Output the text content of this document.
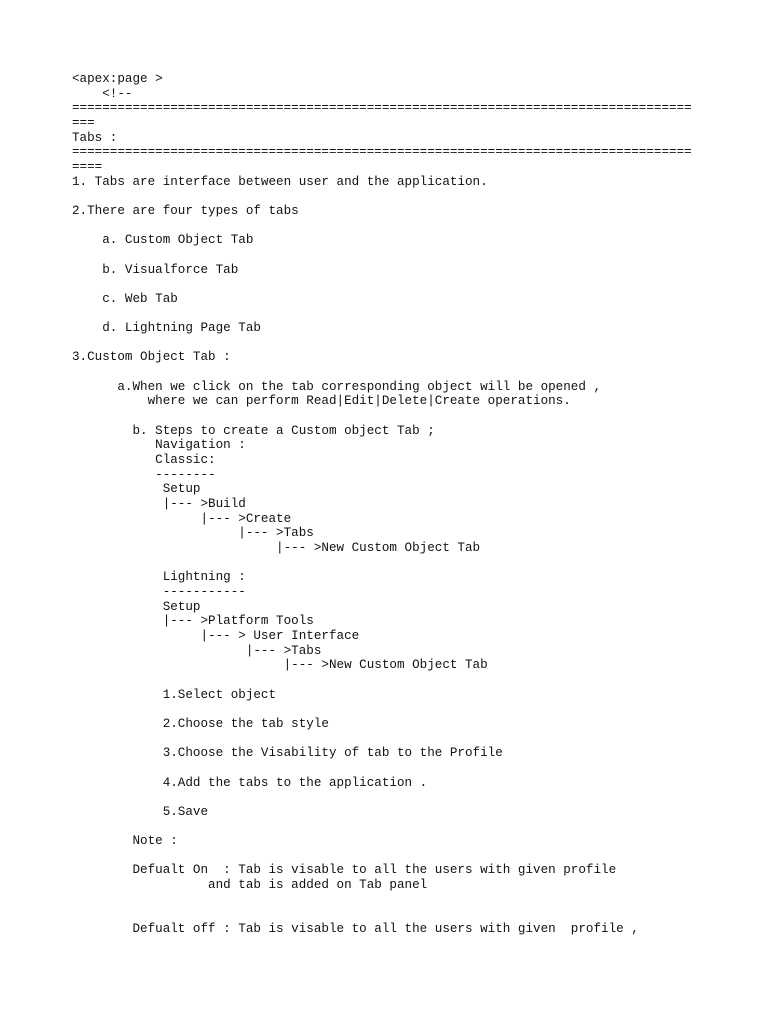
<apex:page >
<!--
==================================================================================
===
Tabs :
==================================================================================
====
1. Tabs are interface between user and the application.

2.There are four types of tabs

a. Custom Object Tab

b. Visualforce Tab

c. Web Tab

d. Lightning Page Tab

3.Custom Object Tab :

a.When we click on the tab corresponding object will be opened ,
where we can perform Read|Edit|Delete|Create operations.

b. Steps to create a Custom object Tab ;
Navigation :
Classic:
--------
Setup
|--- >Build
|--- >Create
|--- >Tabs
|--- >New Custom Object Tab

Lightning :
-----------
Setup
|--- >Platform Tools
|--- > User Interface
|--- >Tabs
|--- >New Custom Object Tab

1.Select object

2.Choose the tab style

3.Choose the Visability of tab to the Profile

4.Add the tabs to the application .

5.Save

Note :

Defualt On  : Tab is visable to all the users with given profile
and tab is added on Tab panel

Defualt off : Tab is visable to all the users with given  profile ,
